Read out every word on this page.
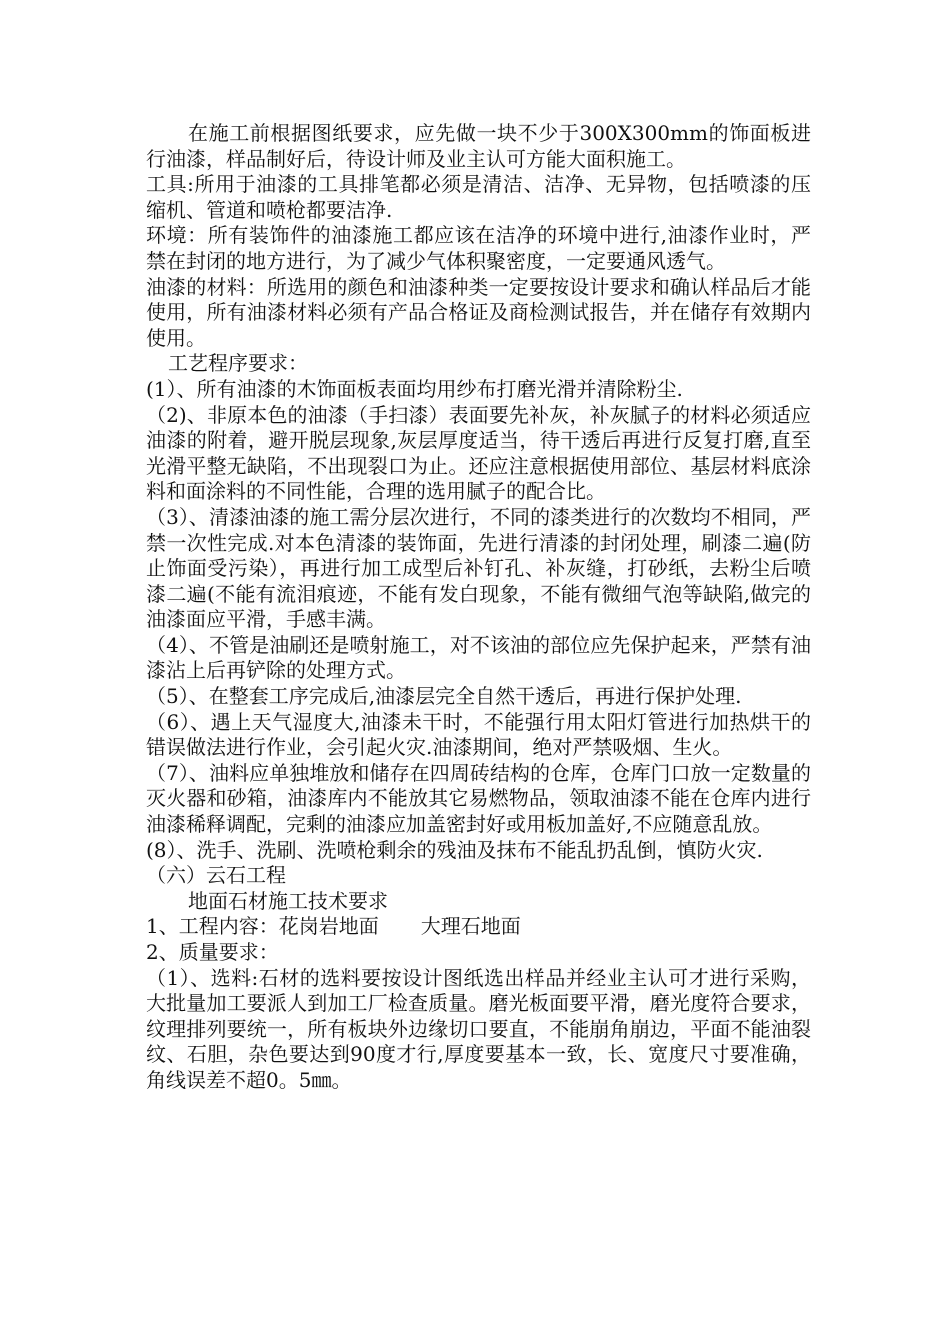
在施工前根据图纸要求，应先做一块不少于300X300mm的饰面板进行油漆，样品制好后，待设计师及业主认可方能大面积施工。

工具:所用于油漆的工具排笔都必须是清洁、洁净、无异物，包括喷漆的压缩机、管道和喷枪都要洁净.

环境：所有装饰件的油漆施工都应该在洁净的环境中进行,油漆作业时，严禁在封闭的地方进行，为了减少气体积聚密度，一定要通风透气。

油漆的材料：所选用的颜色和油漆种类一定要按设计要求和确认样品后才能使用，所有油漆材料必须有产品合格证及商检测试报告，并在储存有效期内使用。

工艺程序要求：

(1）、所有油漆的木饰面板表面均用纱布打磨光滑并清除粉尘.

（2)、非原本色的油漆（手扫漆）表面要先补灰，补灰腻子的材料必须适应油漆的附着，避开脱层现象,灰层厚度适当，待干透后再进行反复打磨,直至光滑平整无缺陷，不出现裂口为止。还应注意根据使用部位、基层材料底涂料和面涂料的不同性能，合理的选用腻子的配合比。

（3）、清漆油漆的施工需分层次进行，不同的漆类进行的次数均不相同，严禁一次性完成.对本色清漆的装饰面，先进行清漆的封闭处理，刷漆二遍(防止饰面受污染），再进行加工成型后补钉孔、补灰缝，打砂纸，去粉尘后喷漆二遍(不能有流泪痕迹，不能有发白现象，不能有微细气泡等缺陷,做完的油漆面应平滑，手感丰满。

（4）、不管是油刷还是喷射施工，对不该油的部位应先保护起来，严禁有油漆沾上后再铲除的处理方式。

（5）、在整套工序完成后,油漆层完全自然干透后，再进行保护处理.

（6）、遇上天气湿度大,油漆未干时，不能强行用太阳灯管进行加热烘干的错误做法进行作业，会引起火灾.油漆期间，绝对严禁吸烟、生火。

（7）、油料应单独堆放和储存在四周砖结构的仓库，仓库门口放一定数量的灭火器和砂箱，油漆库内不能放其它易燃物品，领取油漆不能在仓库内进行油漆稀释调配，完剩的油漆应加盖密封好或用板加盖好,不应随意乱放。

(8）、洗手、洗刷、洗喷枪剩余的残油及抹布不能乱扔乱倒，慎防火灾.

（六）云石工程

地面石材施工技术要求

1、工程内容：花岗岩地面 大理石地面

2、质量要求：

（1）、选料:石材的选料要按设计图纸选出样品并经业主认可才进行采购，大批量加工要派人到加工厂检查质量。磨光板面要平滑，磨光度符合要求，纹理排列要统一，所有板块外边缘切口要直，不能崩角崩边，平面不能油裂纹、石胆，杂色要达到90度才行,厚度要基本一致，长、宽度尺寸要准确，角线误差不超0。5㎜。
